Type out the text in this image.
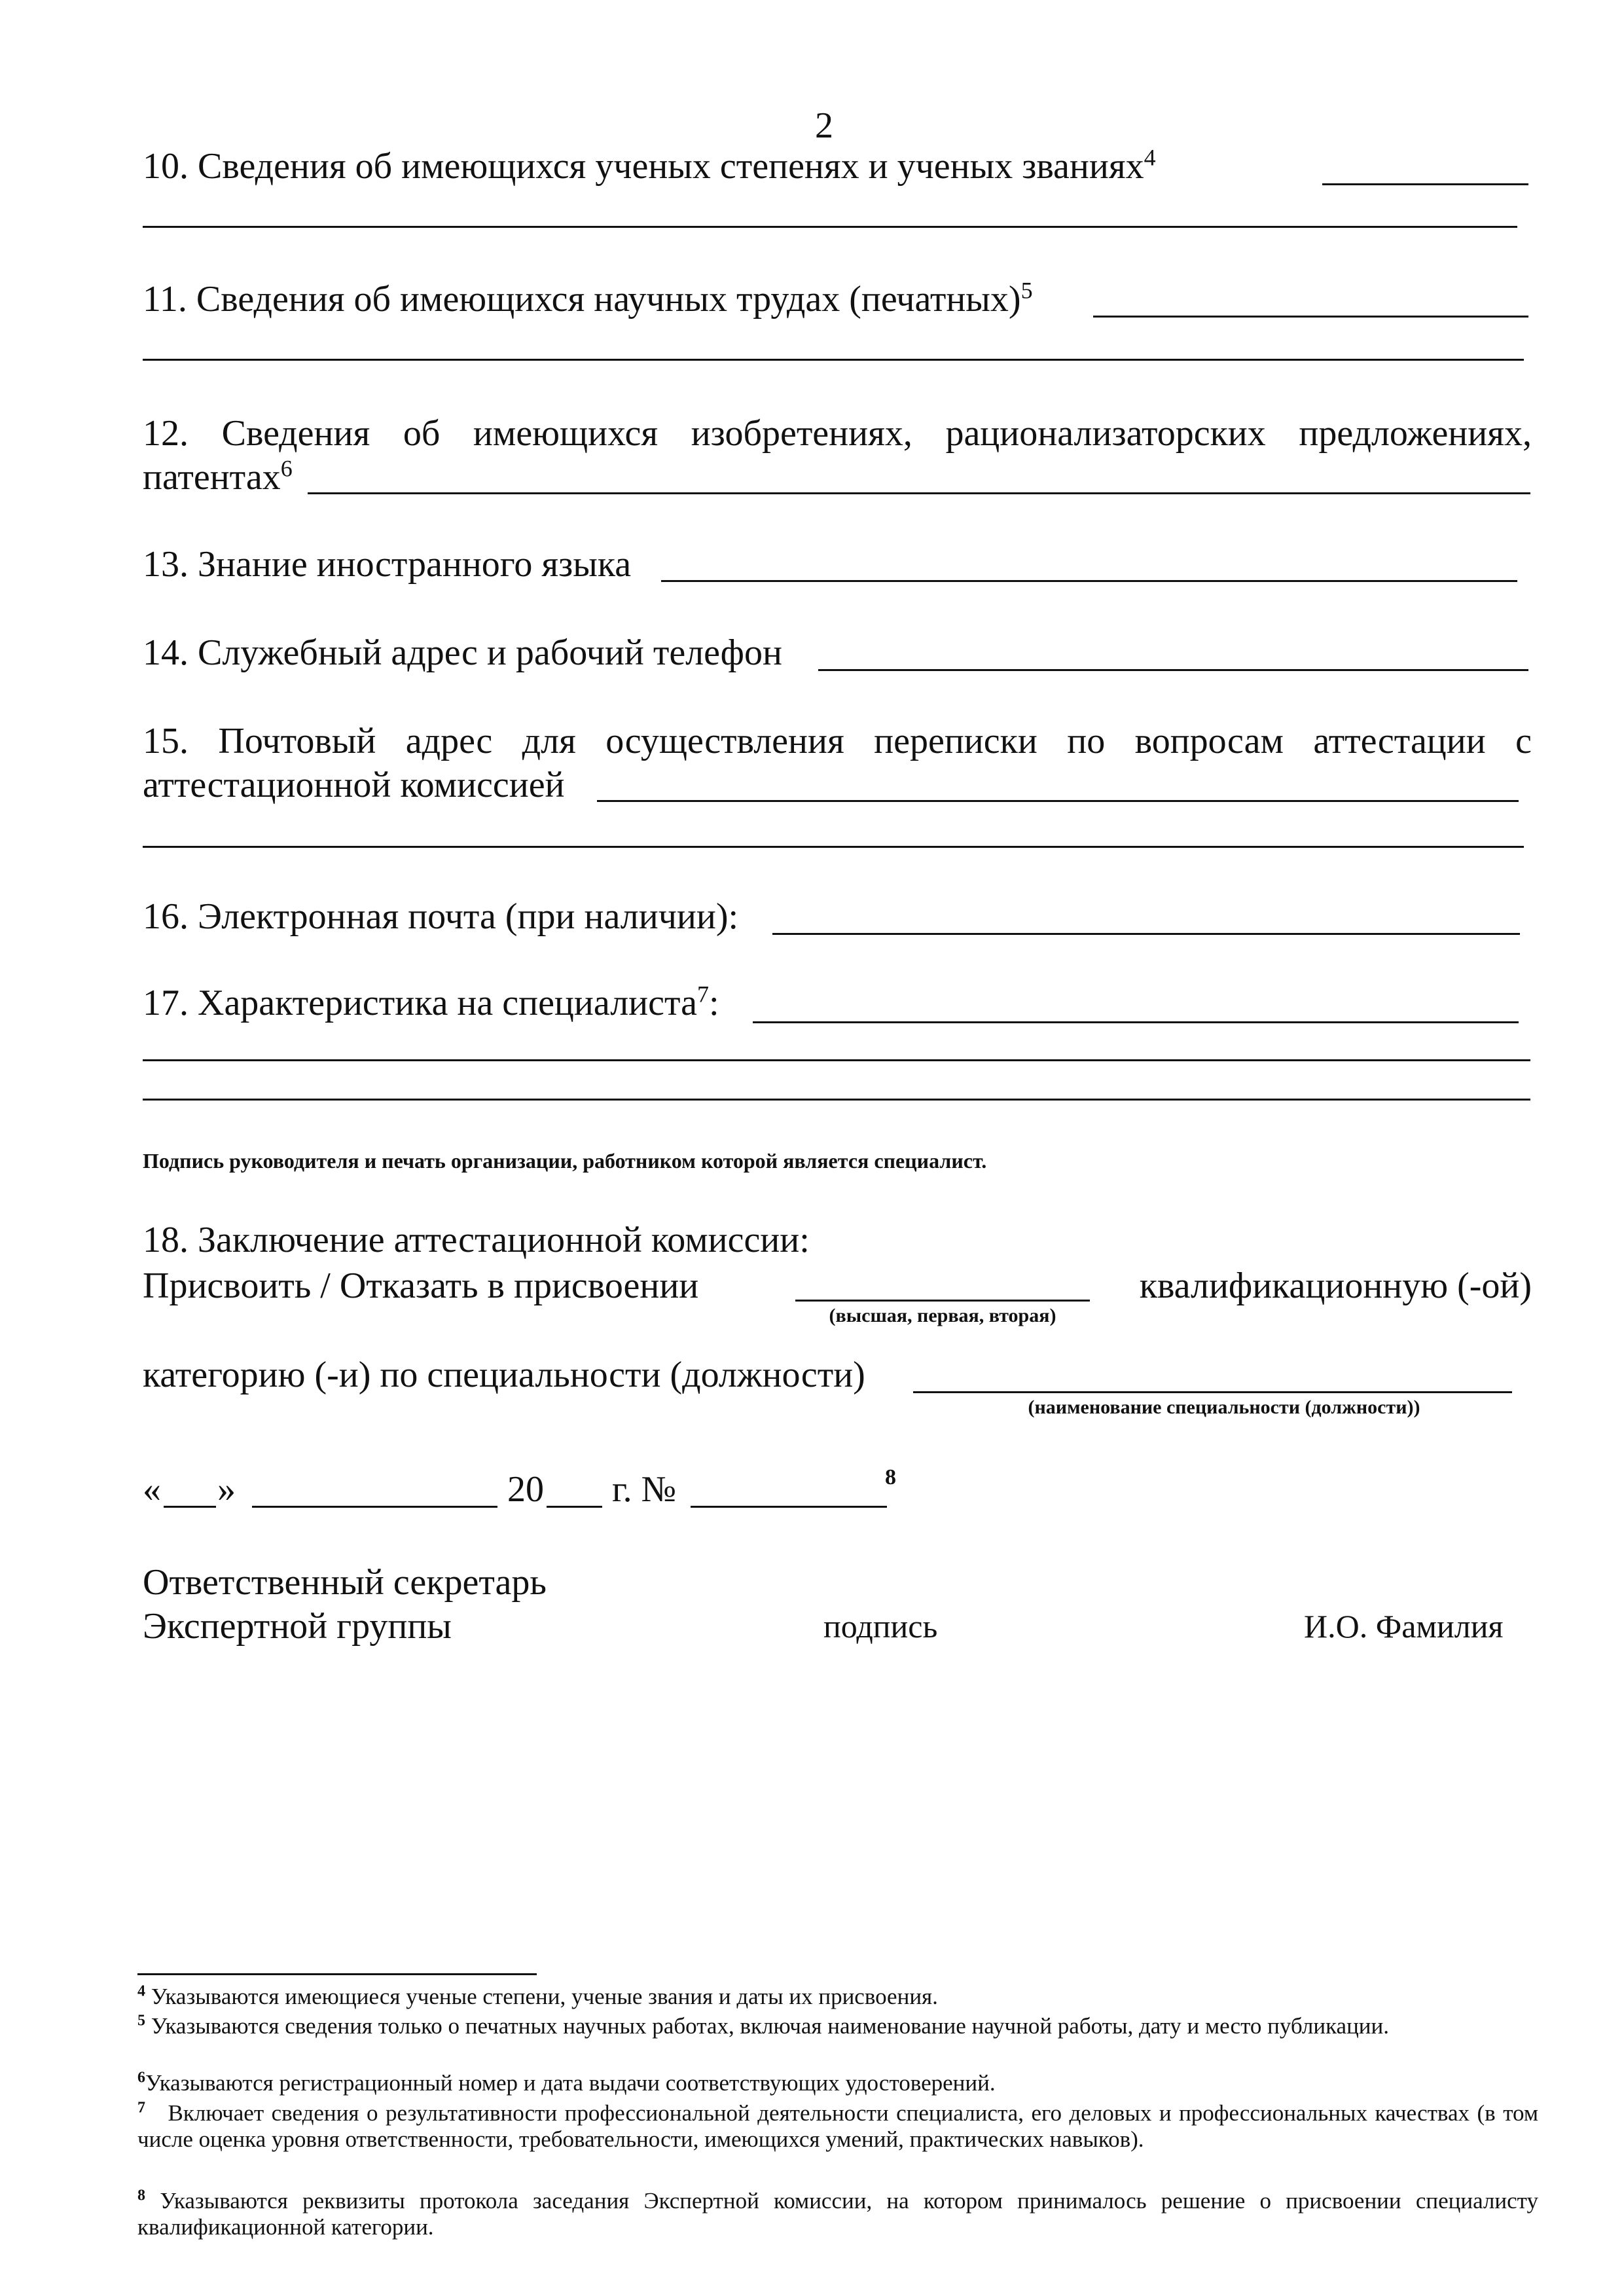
2
10. Сведения об имеющихся ученых степенях и ученых званиях$^4$
11. Сведения об имеющихся научных трудах (печатных)$^5$
12. Сведения об имеющихся изобретениях, рационализаторских предложениях,
патентах$^6$
13. Знание иностранного языка
14. Служебный адрес и рабочий телефон
15. Почтовый адрес для осуществления переписки по вопросам аттестации с
аттестационной комиссией
16. Электронная почта (при наличии):
17. Характеристика на специалиста$^7$:
Подпись руководителя и печать организации, работником которой является специалист.
18. Заключение аттестационной комиссии:
Присвоить / Отказать в присвоении
(высшая, первая, вторая)
квалификационную (-ой)
категорию (-и) по специальности (должности)
(наименование специальности (должности))
« »	20 г. №	8
Ответственный секретарь
Экспертной группы	подпись	И.О. Фамилия
$^4$ Указываются имеющиеся ученые степени, ученые звания и даты их присвоения.
$^5$ Указываются сведения только о печатных научных работах, включая наименование научной работы, дату и место публикации.
$^6$Указываются регистрационный номер и дата выдачи соответствующих удостоверений.
$^7$ Включает сведения о результативности профессиональной деятельности специалиста, его деловых и профессиональных качествах (в том числе оценка уровня ответственности, требовательности, имеющихся умений, практических навыков).
$^8$ Указываются реквизиты протокола заседания Экспертной комиссии, на котором принималось решение о присвоении специалисту квалификационной категории.
